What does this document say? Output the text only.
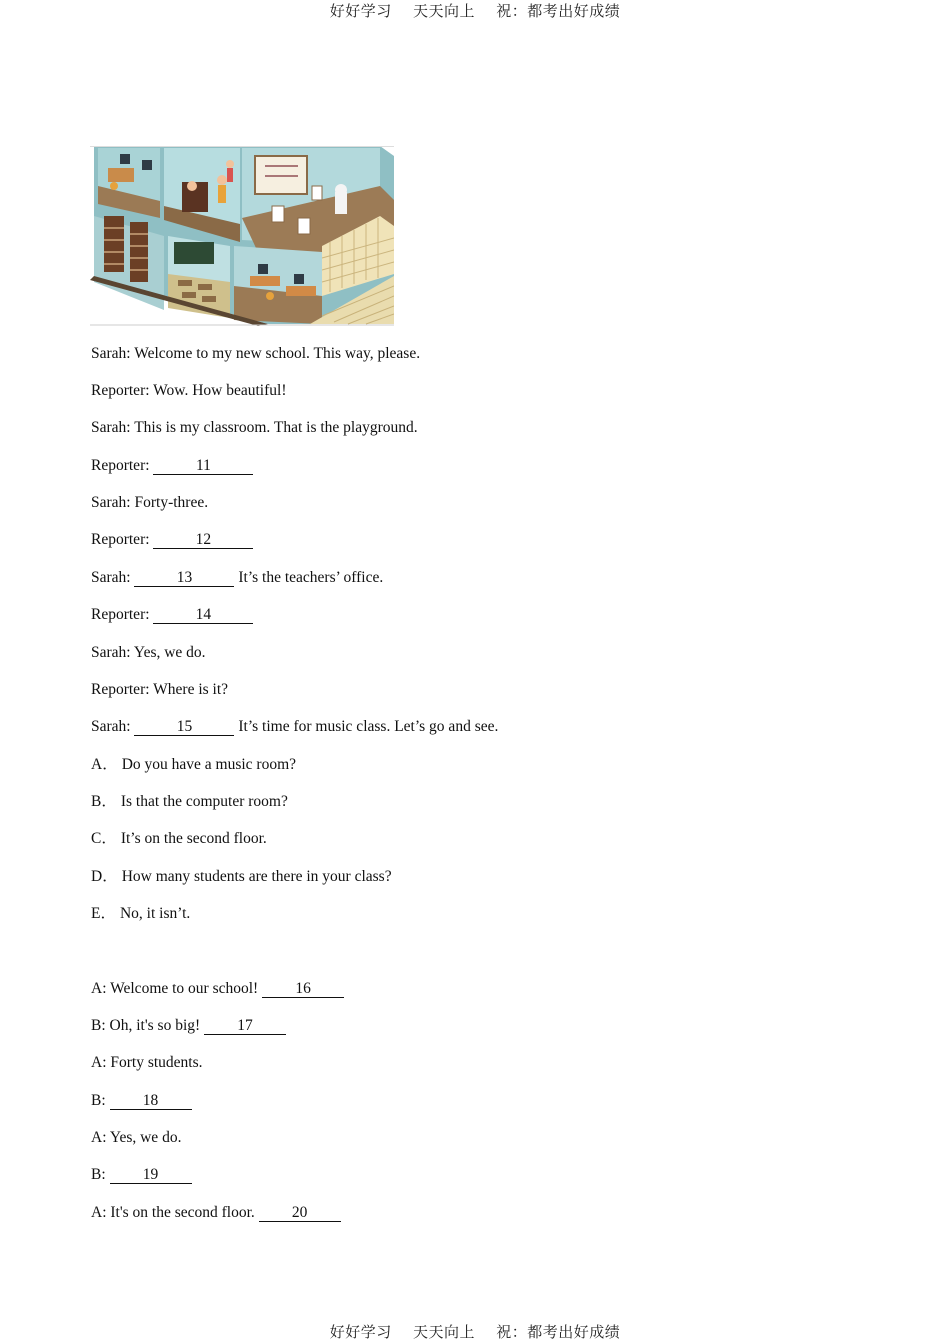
好好学习 天天向上 祝：都考出好成绩
Sarah: Welcome to my new school. This way, please.
Reporter: Wow. How beautiful!
Sarah: This is my classroom. That is the playground.
Reporter:	11
Sarah: Forty-three.
Reporter:	12
Sarah:	13	It’s the teachers’ office.
Reporter:	14
Sarah: Yes, we do.
Reporter: Where is it?
Sarah:	15	It’s time for music class. Let’s go and see.
A． Do you have a music room?
B． Is that the computer room?
C． It’s on the second floor.
D． How many students are there in your class?
E． No, it isn’t.
A: Welcome to our school! 16
B: Oh, it's so big! 17
A: Forty students.
B: 18
A: Yes, we do.
B: 19
A: It's on the second floor. 20
好好学习 天天向上 祝：都考出好成绩
